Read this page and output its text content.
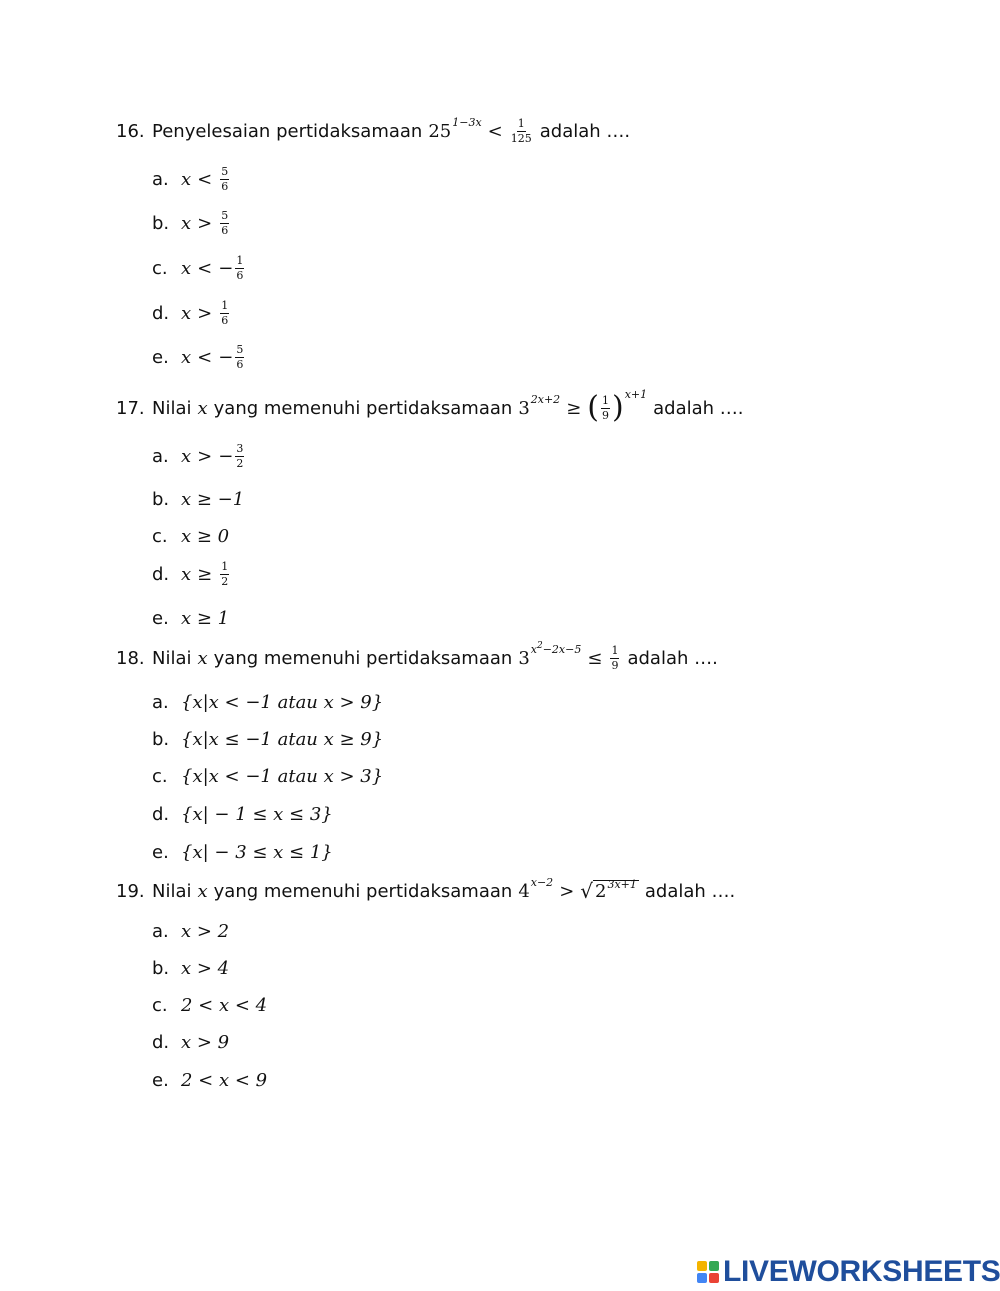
16. Penyelesaian pertidaksamaan 25 $1-3x < \frac{1}{125}$ adalah ….
a. $x < \frac{5}{6}$
b. $x > \frac{5}{6}$
c. x < − $\frac{1}{6}$
d. $x > \frac{1}{6}$
e. x < − $\frac{5}{6}$
17. Nilai x yang memenuhi pertidaksamaan 3 2x+2 ≥ ( $\frac{1}{9}$ ) x+1
adalah ….
a. x > − $\frac{3}{2}$
b. x ≥ −1
c. x ≥ 0
d. $x \ge \frac{1}{2}$
e. x ≥ 1
18. Nilai x yang memenuhi pertidaksamaan 3 $x^2-2x-5 \le \frac{1}{9}$ adalah ….
a. {x|x < −1 atau x > 9}
b. {x|x ≤ −1 atau x ≥ 9}
c. {x|x < −1 atau x > 3}
d. {x| − 1 ≤ x ≤ 3}
e. {x| − 3 ≤ x ≤ 1}
19. Nilai x yang memenuhi pertidaksamaan 4 x−2 > √ 2 3x+1 adalah ….
a. x > 2
b. x > 4
c. 2 < x < 4
d. x > 9
e. 2 < x < 9
LIVEWORKSHEETS
